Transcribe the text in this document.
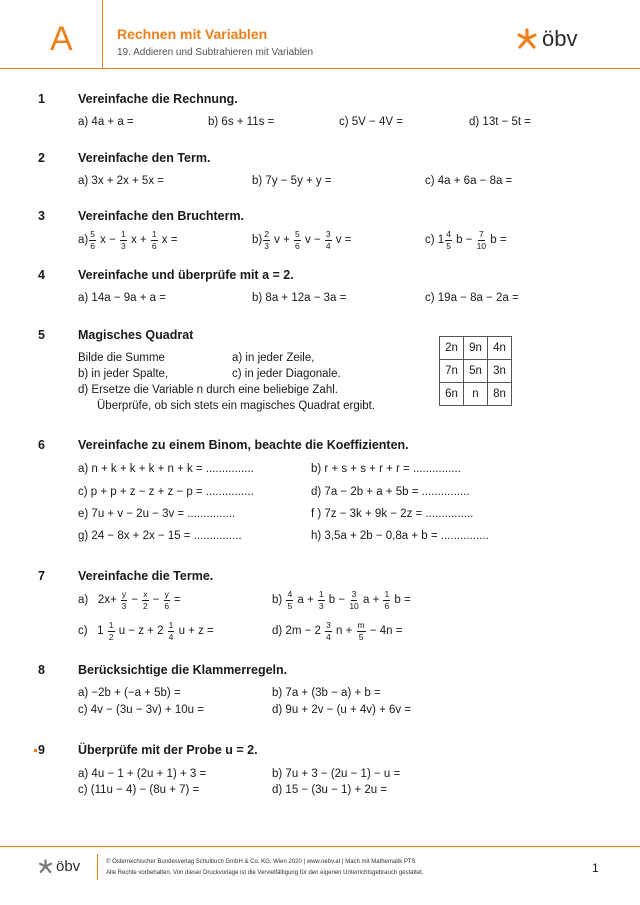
A	Rechnen mit Variablen
19. Addieren und Subtrahieren mit Variablen
öbv
1	Vereinfache die Rechnung.
a) 4a + a =	b) 6s + 11s =	c) 5V − 4V =	d) 13t − 5t =
2	Vereinfache den Term.
a) 3x + 2x + 5x =	b) 7y − 5y + y =	c) 4a + 6a − 8a =
3	Vereinfache den Bruchterm.
$a) \frac{5}{6}$ $x - \frac{1}{3}$ $x + \frac{1}{6}$ x =	$b) \frac{2}{3}$ $v + \frac{5}{6}$ $v - \frac{3}{4}$ v =	c) $1 \frac{4}{5}$ $b - \frac{7}{10}$ b =
4	Vereinfache und überprüfe mit a = 2.
a) 14a − 9a + a =	b) 8a + 12a − 3a =	c) 19a − 8a − 2a =
5	Magisches Quadrat
Bilde die Summe	a) in jeder Zeile,
b) in jeder Spalte,	c) in jeder Diagonale.
d) Ersetze die Variable n durch eine beliebige Zahl.
Überprüfe, ob sich stets ein magisches Quadrat ergibt.
2n	9n	4n
7n	5n	3n
6n	n	8n
6	Vereinfache zu einem Binom, beachte die Koeffizienten.
a) n + k + k + k + n + k = ...............	b) r + s + s + r + r = ...............
c) p + p + z − z + z − p = ...............	d) 7a − 2b + a + 5b = ...............
e) 7u + v − 2u − 3v = ...............	f ) 7z − 3k + 9k − 2z = ...............
g) 24 − 8x + 2x − 15 = ...............	h) 3,5a + 2b − 0,8a + b = ...............
7	Vereinfache die Terme.
a)   $2x+ \frac{y}{3} - \frac{x}{2} - \frac{y}{6}$ =	$b) \frac{4}{5}$ $a + \frac{1}{3}$ $b - \frac{3}{10}$ $a + \frac{1}{6}$ b =
c)   $1 \frac{1}{2}$ $u - z + 2 \frac{1}{4}$ u + z =	d) $2m - 2 \frac{3}{4}$ $n + \frac{m}{5} - 4n$ =
8	Berücksichtige die Klammerregeln.
a) −2b + (−a + 5b) =	b) 7a + (3b − a) + b =
c) 4v − (3u − 3v) + 10u =	d) 9u + 2v − (u + 4v) + 6v =
9	Überprüfe mit der Probe u = 2.
a) 4u − 1 + (2u + 1) + 3 =	b) 7u + 3 − (2u − 1) − u =
c) (11u − 4) − (8u + 7) =	d) 15 − (3u − 1) + 2u =
öbv	© Österreichischer Bundesverlag Schulbuch GmbH & Co. KG, Wien 2020 | www.oebv.at | Mach mit Mathematik PTS
Alle Rechte vorbehalten. Von dieser Druckvorlage ist die Vervielfältigung für den eigenen Unterrichtsgebrauch gestattet.	1
